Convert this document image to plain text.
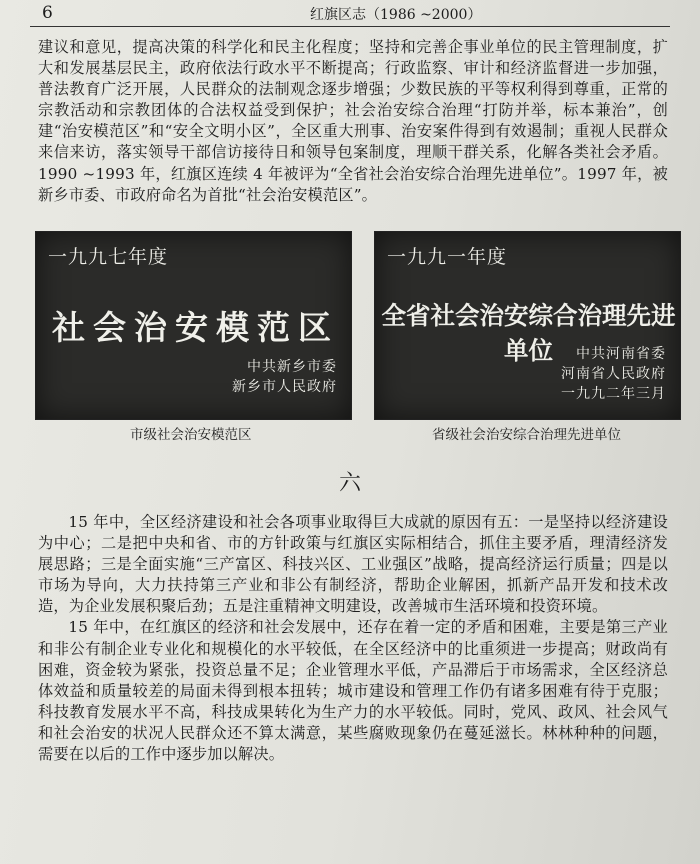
6	红旗区志（1986 ~2000）
建议和意见，提高决策的科学化和民主化程度；坚持和完善企事业单位的民主管理制度，扩大和发展基层民主，政府依法行政水平不断提高；行政监察、审计和经济监督进一步加强，普法教育广泛开展，人民群众的法制观念逐步增强；少数民族的平等权利得到尊重，正常的宗教活动和宗教团体的合法权益受到保护；社会治安综合治理“打防并举，标本兼治”，创建“治安模范区”和“安全文明小区”，全区重大刑事、治安案件得到有效遏制；重视人民群众来信来访，落实领导干部信访接待日和领导包案制度，理顺干群关系，化解各类社会矛盾。1990 ~1993 年，红旗区连续 4 年被评为“全省社会治安综合治理先进单位”。1997 年，被新乡市委、市政府命名为首批“社会治安模范区”。
一九九七年度
社会治安模范区
中共新乡市委
新乡市人民政府
一九九一年度
全省社会治安综合治理先进单位	中共河南省委
河南省人民政府
一九九二年三月
市级社会治安模范区	省级社会治安综合治理先进单位
六

15 年中，全区经济建设和社会各项事业取得巨大成就的原因有五：一是坚持以经济建设为中心；二是把中央和省、市的方针政策与红旗区实际相结合，抓住主要矛盾，理清经济发展思路；三是全面实施“三产富区、科技兴区、工业强区”战略，提高经济运行质量；四是以市场为导向，大力扶持第三产业和非公有制经济，帮助企业解困，抓新产品开发和技术改造，为企业发展积聚后劲；五是注重精神文明建设，改善城市生活环境和投资环境。

15 年中，在红旗区的经济和社会发展中，还存在着一定的矛盾和困难，主要是第三产业和非公有制企业专业化和规模化的水平较低，在全区经济中的比重须进一步提高；财政尚有困难，资金较为紧张，投资总量不足；企业管理水平低，产品滞后于市场需求，全区经济总体效益和质量较差的局面未得到根本扭转；城市建设和管理工作仍有诸多困难有待于克服；科技教育发展水平不高，科技成果转化为生产力的水平较低。同时，党风、政风、社会风气和社会治安的状况人民群众还不算太满意，某些腐败现象仍在蔓延滋长。林林种种的问题，需要在以后的工作中逐步加以解决。
